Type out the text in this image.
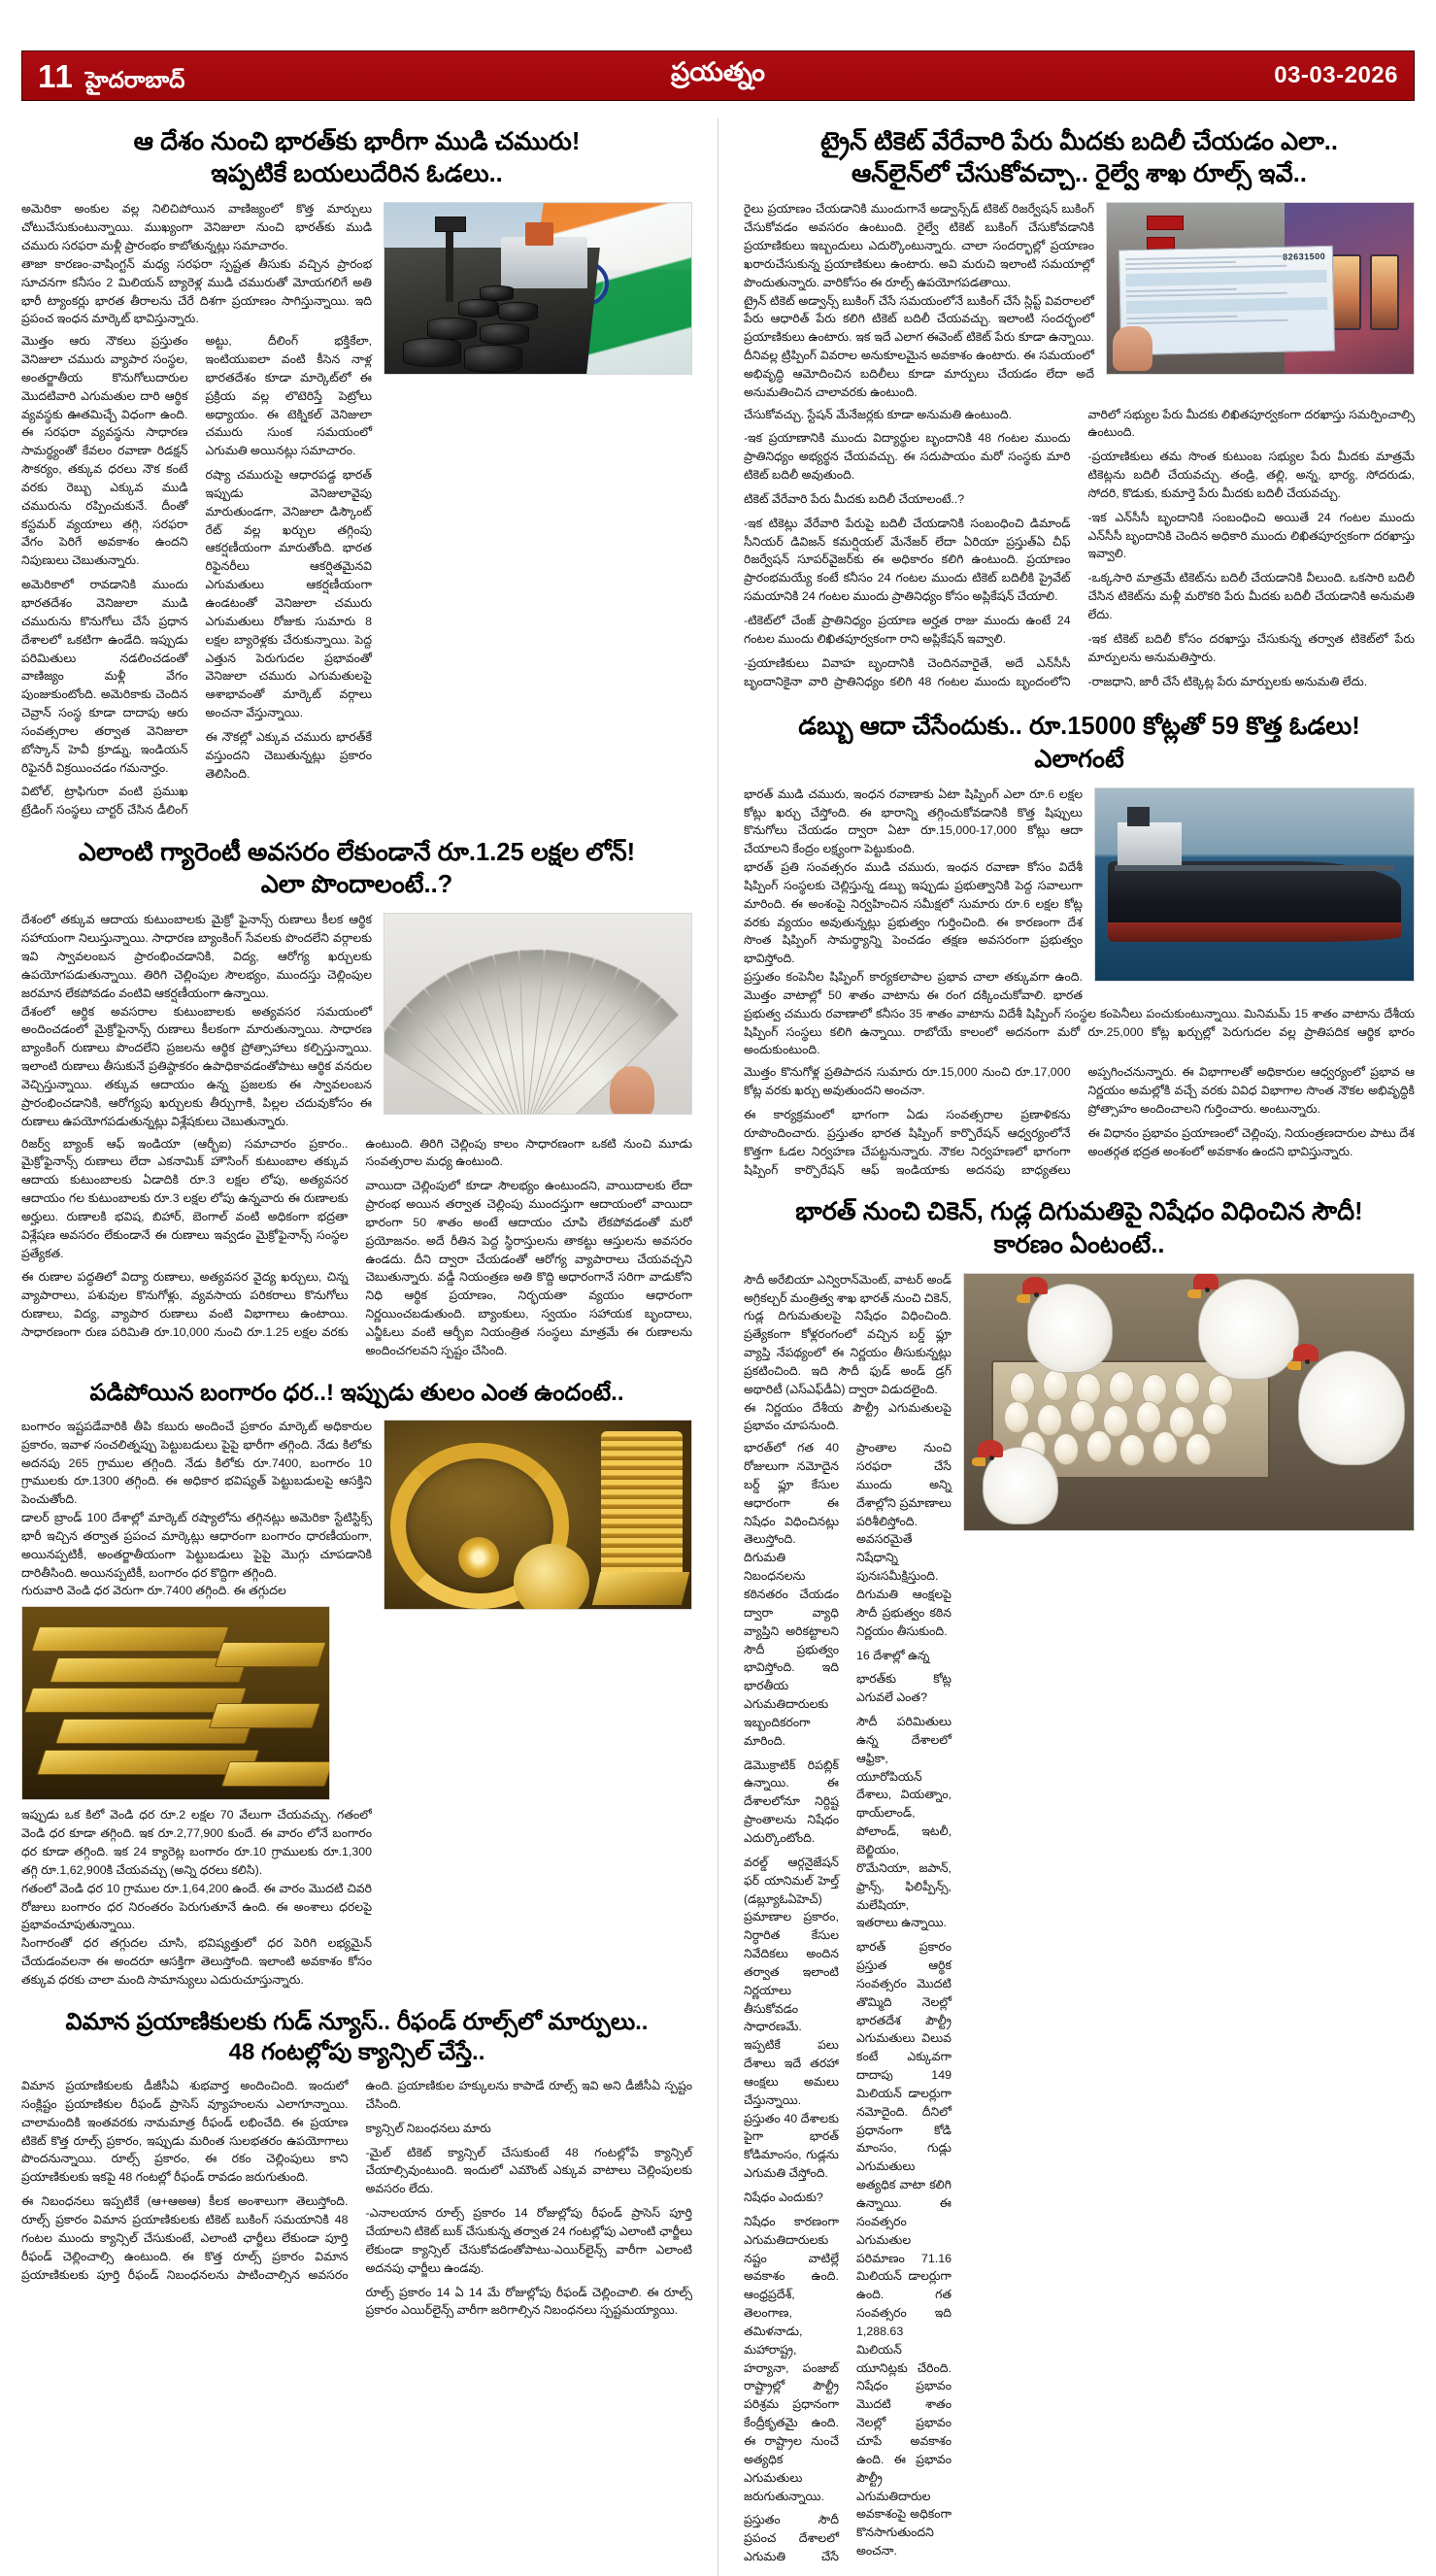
11 హైదరాబాద్	ప్రయత్నం	03-03-2026
ఆ దేశం నుంచి భారత్‌కు భారీగా ముడి చమురు!
ఇప్పటికే బయలుదేరిన ఓడలు..

అమెరికా అంకుల వల్ల నిలిచిపోయిన వాణిజ్యంలో కొత్త మార్పులు చోటుచేసుకుంటున్నాయి. ముఖ్యంగా వెనిజులా నుంచి భారత్‌కు ముడి చమురు సరఫరా మళ్లీ ప్రారంభం కాబోతున్నట్లు సమాచారం.

తాజా కారణం-వాషింగ్టన్ మధ్య సరఫరా స్పష్టత తీసుకు వచ్చిన ప్రారంభ సూచనగా కనీసం 2 మిలియన్ బ్యారెళ్ల ముడి చమురుతో మోయగలిగే అతి భారీ ట్యాంకర్లు భారత తీరాలను చేరే దిశగా ప్రయాణం సాగిస్తున్నాయి. ఇది ప్రపంచ ఇంధన మార్కెట్ భావిస్తున్నారు.

మొత్తం ఆరు నౌకలు ప్రస్తుతం వెనిజులా చమురు వ్యాపార సంస్థల, అంతర్జాతీయ కొనుగోలుదారుల మొదటివారి ఎగుమతుల దారి ఆర్థిక వ్యవస్థకు ఊతమిచ్చే విధంగా ఉంది. ఈ సరఫరా వ్యవస్థను సాధారణ సామర్థ్యంతో కేవలం రవాణా రిడక్షన్ సౌకర్యం, తక్కువ ధరలు నౌక కంటే వరకు రెబ్బు ఎక్కువ ముడి చమురును రప్పించుకునే. దీంతో కస్టమర్ వ్యయాలు తగ్గి, సరఫరా వేగం పెరిగే అవకాశం ఉందని నిపుణులు చెబుతున్నారు.

అమెరికాలో రావడానికి ముందు భారతదేశం వెనిజులా ముడి చమురును కొనుగోలు చేసే ప్రధాన దేశాలలో ఒకటిగా ఉండేది. ఇప్పుడు పరిమితులు నడలించడంతో వాణిజ్యం మళ్లీ వేగం పుంజుకుంటోంది. అమెరికాకు చెందిన చెవ్రాన్ సంస్థ కూడా దాదాపు ఆరు సంవత్సరాల తర్వాత వెనిజులా బోస్కాన్ హెవీ క్రూడ్ను, ఇండియన్ రిఫైనరీ విక్రయించడం గమనార్హం.

విటోల్, ట్రాఫిగురా వంటి ప్రముఖ ట్రేడింగ్ సంస్థలు చార్టర్ చేసిన డీలింగ్ అట్టు, దీలింగ్ భక్తికేలా, ఇంటియుఐలా వంటి కీసెన నాళ్ల భారతదేశం కూడా మార్కెట్‌లో ఈ ప్రక్రియ వల్ల లొటెరిస్తే పెట్రోలు అధ్యాయం. ఈ టెక్నికల్ వెనిజులా చమురు సుంక సమయంలో ఎగుమతి అయినట్లు సమాచారం.

రష్యా చమురుపై ఆధారపడ్ద భారత్ ఇప్పుడు వెనిజులావైపు మారుతుండగా, వెనిజులా డిస్కౌంట్ రేట్ వల్ల ఖర్చుల తగ్గింపు ఆకర్షణీయంగా మారుతోంది. భారత రిఫైనరీలు ఆకర్షితమైనవి ఎగుమతులు ఆకర్షణీయంగా ఉండటంతో వెనిజులా చమురు ఎగుమతులు రోజుకు సుమారు 8 లక్షల బ్యారెళ్లకు చేరుకున్నాయి. పెద్ద ఎత్తున పెరుగుదల ప్రభావంతో వెనిజులా చమురు ఎగుమతులపై ఆశాభావంతో మార్కెట్ వర్గాలు అంచనా వేస్తున్నాయి.

ఈ నౌకల్లో ఎక్కువ చమురు భారత్‌కే వస్తుందని చెబుతున్నట్లు ప్రకారం తెలిసింది.

ఎలాంటి గ్యారెంటీ అవసరం లేకుండానే రూ.1.25 లక్షల లోన్!
ఎలా పొందాలంటే..?

దేశంలో తక్కువ ఆదాయ కుటుంబాలకు మైక్రో ఫైనాన్స్ రుణాలు కీలక ఆర్థిక సహాయంగా నిలుస్తున్నాయి. సాధారణ బ్యాంకింగ్ సేవలకు పొందలేని వర్గాలకు ఇవి స్వావలంబన ప్రారంభించడానికి, విద్య, ఆరోగ్య ఖర్చులకు ఉపయోగపడుతున్నాయి. తిరిగి చెల్లింపుల సౌలభ్యం, ముందస్తు చెల్లింపుల జరమాన లేకపోవడం వంటివి ఆకర్షణీయంగా ఉన్నాయి.

దేశంలో ఆర్థిక అవసరాల కుటుంబాలకు అత్యవసర సమయంలో అందించడంలో మైక్రోఫైనాన్స్ రుణాలు కీలకంగా మారుతున్నాయి. సాధారణ బ్యాంకింగ్ రుణాలు పొందలేని ప్రజలను ఆర్థిక ప్రోత్సాహాలు కల్పిస్తున్నాయి. ఇలాంటి రుణాలు తీసుకునే ప్రతిష్ఠాకరం ఉపాధికావడంతోపాటు ఆర్థిక వనరుల వెచ్చిస్తున్నాయి. తక్కువ ఆదాయం ఉన్న ప్రజలకు ఈ స్వావలంబన ప్రారంభించడానికి, ఆరోగ్యపు ఖర్చులకు తీర్చుగాకి, పిల్లల చదువుకోసం ఈ రుణాలు ఉపయోగపడుతున్నట్లు విశ్లేషకులు చెబుతున్నారు.

రిజర్వ్ బ్యాంక్ ఆఫ్ ఇండియా (ఆర్బీఐ) సమాచారం ప్రకారం.. మైక్రోఫైనాన్స్ రుణాలు లేదా ఎకనామిక్ హౌసింగ్ కుటుంబాల తక్కువ ఆదాయ కుటుంబాలకు ఏడాదికి రూ.3 లక్షల లోపు, అత్యవసర ఆదాయం గల కుటుంబాలకు రూ.3 లక్షల లోపు ఉన్నవారు ఈ రుణాలకు అర్హులు. రుణాలకి భవిష, బిహార్, బెంగాల్ వంటి అధికంగా భద్రతా విశ్లేషణ అవసరం లేకుండానే ఈ రుణాలు ఇవ్వడం మైక్రోఫైనాన్స్ సంస్థల ప్రత్యేకత.

ఈ రుణాల పద్ధతిలో విద్యా రుణాలు, అత్యవసర వైద్య ఖర్చులు, చిన్న వ్యాపారాలు, పశువుల కొనుగోళ్లు, వ్యవసాయ పరికరాలు కొనుగోలు రుణాలు, విద్య, వ్యాపార రుణాలు వంటి విభాగాలు ఉంటాయి. సాధారణంగా రుణ పరిమితి రూ.10,000 నుంచి రూ.1.25 లక్షల వరకు ఉంటుంది. తిరిగి చెల్లింపు కాలం సాధారణంగా ఒకటి నుంచి మూడు సంవత్సరాల మధ్య ఉంటుంది.

వాయిదా చెల్లింపులో కూడా సౌలభ్యం ఉంటుందని, వాయిదాలకు లేదా ప్రారంభ అయిన తర్వాత చెల్లింపు ముందస్తుగా ఆదాయంలో వాయిదా భారంగా 50 శాతం అంటే ఆదాయం చూపి లేకపోవడంతో మరో ప్రయోజనం. అదే రీతిన పెద్ద స్థిరాస్తులను తాకట్టు ఆస్తులను అవసరం ఉండదు. దీని ద్వారా చేయడంతో ఆరోగ్య వ్యాపారాలు చేయవచ్చని చెబుతున్నారు. వడ్డీ నియంత్రణ అతి కొద్ది అధారంగానే సరిగా వాడుకోని నిధి ఆర్థిక ప్రయాణం, నిర్భయతా వ్యయం ఆధారంగా నిర్ణయించబడుతుంది. బ్యాంకులు, స్వయం సహాయక బృందాలు, ఎన్జీఓలు వంటి ఆర్బీఐ నియంత్రిత సంస్థలు మాత్రమే ఈ రుణాలను అందించగలవని స్పష్టం చేసింది.

పడిపోయిన బంగారం ధర..! ఇప్పుడు తులం ఎంత ఉందంటే..

బంగారం ఇష్టపడేవారికి తీపి కబురు అందించే ప్రకారం మార్కెట్ అధికారుల ప్రకారం, ఇవాళ సంచలిత్నప్పు పెట్టుబడులు పైపై భారీగా తగ్గింది. నేడు కిలోకు అదనపు 265 గ్రాముల తగ్గింది. నేడు కిలోకు రూ.7400, బంగారం 10 గ్రాములకు రూ.1300 తగ్గింది. ఈ అధికార భవిష్యత్ పెట్టుబడులపై ఆసక్తిని పెంచుతోంది.

డాలర్ బ్రాండ్ 100 దేశాల్లో మార్కెట్ రష్యాలోను తగ్గినట్లు అమెరికా స్టేటిస్టిక్స్ భారీ ఇచ్చిన తర్వాత ప్రపంచ మార్కెట్లు ఆధారంగా బంగారం ధారణీయంగా, అయినప్పటికీ, అంతర్జాతీయంగా పెట్టుబడులు పైపై మొగ్గు చూపడానికి దారితీసింది. అయినప్పటికీ, బంగారం ధర కొద్దిగా తగ్గింది.

గురువారి వెండి ధర వెరుగా రూ.7400 తగ్గింది. ఈ తగ్గుదల

ఇప్పుడు ఒక కిలో వెండి ధర రూ.2 లక్షల 70 వేలుగా చేయవచ్చు. గతంలో వెండి ధర కూడా తగ్గింది. ఇక రూ.2,77,900 కుందే. ఈ వారం లోనే బంగారం ధర కూడా తగ్గింది. ఇక 24 క్యారెట్ల బంగారం రూ.10 గ్రాములకు రూ.1,300 తగ్గి రూ.1,62,900కి చేయవచ్చు (అన్ని ధరలు కలిసి).

గతంలో వెండి ధర 10 గ్రాముల రూ.1,64,200 ఉందే. ఈ వారం మొదటి చివరి రోజులు బంగారం ధర నిరంతరం పెరుగుతూనే ఉంది. ఈ అంశాలు ధరలపై ప్రభావంచూపుతున్నాయి.

సింగారంతో ధర తగ్గుదల చూసి, భవిష్యత్తులో ధర పెరిగి లభ్యమైన్ చేయడంవలనా ఈ అందరూ ఆసక్తిగా తెలుస్తోంది. ఇలాంటి అవకాశం కోసం తక్కువ ధరకు చాలా మంది సామాన్యులు ఎదురుచూస్తున్నారు.

విమాన ప్రయాణికులకు గుడ్ న్యూస్.. రీఫండ్ రూల్స్‌లో మార్పులు..
48 గంటల్లోపు క్యాన్సిల్ చేస్తే..

విమాన ప్రయాణికులకు డీజీసీఏ శుభవార్త అందించింది. ఇందులో సంక్లిష్టం ప్రయాణికుల రీఫండ్ ప్రాసెస్ వ్యూహంలను ఎలాగూన్నాయి. చాలామందికి ఇంతవరకు నామమాత్ర రీఫండ్ లభించేది. ఈ ప్రయాణ టికెట్ కొత్త రూల్స్ ప్రకారం, ఇప్పుడు మరింత సులభతరం ఉపయోగాలు పొందనున్నాయి. రూల్స్ ప్రకారం, ఈ రకం చెల్లింపులు కాని ప్రయాణికులకు ఇకపై 48 గంటల్లో రీఫండ్ రావడం జరుగుతుంది.

ఈ నిబంధనలు ఇప్పటికే (ఆ+ఆఅఆ) కీలక అంశాలుగా తెలుస్తోంది. రూల్స్ ప్రకారం విమాన ప్రయాణికులకు టికెట్ బుకింగ్ సమయానికి 48 గంటల ముందు క్యాన్సిల్ చేసుకుంటే, ఎలాంటి ఛార్జీలు లేకుండా పూర్తి రీఫండ్ చెల్లించాల్సి ఉంటుంది. ఈ కొత్త రూల్స్ ప్రకారం విమాన ప్రయాణికులకు పూర్తి రీఫండ్ నిబంధనలను పాటించాల్సిన అవసరం ఉంది. ప్రయాణికుల హక్కులను కాపాడే రూల్స్ ఇవి అని డీజీసీఏ స్పష్టం చేసింది.

క్యాన్సిల్ నిబంధనలు మారు

-మైల్ టికెట్ క్యాన్సిల్ చేసుకుంటే 48 గంటల్లోపే క్యాన్సిల్ చేయాల్సివుంటుంది. ఇందులో ఎమౌంట్ ఎక్కువ వాటాలు చెల్లింపులకు అవసరం లేదు.

-ఎనాలయాన రూల్స్ ప్రకారం 14 రోజుల్లోపు రీఫండ్ ప్రాసెస్ పూర్తి చేయాలని టికెట్ బుక్ చేసుకున్న తర్వాత 24 గంటల్లోపు ఎలాంటి ఛార్జీలు లేకుండా క్యాన్సిల్ చేసుకోవడంతోపాటు-ఎయిర్‌లైన్స్ వారీగా ఎలాంటి అదనపు ఛార్జీలు ఉండవు.

రూల్స్ ప్రకారం 14 ఏ 14 మే రోజుల్లోపు రీఫండ్ చెల్లించాలి. ఈ రూల్స్ ప్రకారం ఎయిర్‌లైన్స్ వారీగా జరిగాల్సిన నిబంధనలు స్పష్టమయ్యాయి.

ట్రైన్ టికెట్ వేరేవారి పేరు మీదకు బదిలీ చేయడం ఎలా..
ఆన్‌లైన్‌లో చేసుకోవచ్చా.. రైల్వే శాఖ రూల్స్ ఇవే..
82631500

రైలు ప్రయాణం చేయడానికి ముందుగానే అడ్వాన్స్‌డ్ టికెట్ రిజర్వేషన్ బుకింగ్ చేసుకోవడం అవసరం ఉంటుంది. రైల్వే టికెట్ బుకింగ్ చేసుకోవడానికి ప్రయాణికులు ఇబ్బందులు ఎదుర్కొంటున్నారు. చాలా సందర్భాల్లో ప్రయాణం ఖరారుచేసుకున్న ప్రయాణికులు ఉంటారు. అవి మరుచి ఇలాంటి సమయాల్లో పొందుతున్నారు. వారికోసం ఈ రూల్స్ ఉపయోగపడతాయి.

ట్రైన్ టికెట్ అడ్వాన్స్ బుకింగ్ చేసే సమయంలోనే బుకింగ్ చేసే స్లిప్ట్ వివరాలలో పేరు ఆధారిత్ పేరు కలిగి టికెట్ బదిలీ చేయవచ్చు. ఇలాంటి సందర్భంలో ప్రయాణికులు ఉంటారు. ఇక ఇదే ఎలాగ ఈవెంట్ టికెట్ పేరు కూడా ఉన్నాయి. దీనివల్ల ట్రిప్పింగ్ వివరాల అనుకూలమైన అవకాశం ఉంటారు. ఈ సమయంలో అభివృద్ధి ఆమోదించిన బదిలీలు కూడా మార్పులు చేయడం లేదా అదే అనుమతించిన చాలావరకు ఉంటుంది.

చేసుకోవచ్చు. స్టేషన్ మేనేజర్లకు కూడా అనుమతి ఉంటుంది.

-ఇక ప్రయాణానికి ముందు విద్యార్థుల బృందానికి 48 గంటల ముందు ప్రాతినిధ్యం అభ్యర్థన చేయవచ్చు. ఈ సదుపాయం మరో సంస్థకు మారి టికెట్ బదిలీ అవుతుంది.

టికెట్ వేరేవారి పేరు మీదకు బదిలీ చేయాలంటే..?

-ఇక టికెట్లు వేరేవారి పేరుపై బదిలీ చేయడానికి సంబంధించి డిమాండ్ సీనియర్ డివిజన్ కమర్షియల్ మేనేజర్ లేదా ఏరియా ప్రస్తుత్ఏ చీఫ్ రిజర్వేషన్ సూపర్‌వైజర్‌కు ఈ అధికారం కలిగి ఉంటుంది. ప్రయాణం ప్రారంభమయ్యే కంటే కనీసం 24 గంటల ముందు టికెట్ బదిలీకి ప్రైవేట్ సమయానికి 24 గంటల ముందు ప్రాతినిధ్యం కోసం అప్లికేషన్ చేయాలి.

-టికెట్‌లో చేంజ్ ప్రాతినిధ్యం ప్రయాణ అర్హత రాజు ముందు ఉంటే 24 గంటల ముందు లిఖితపూర్వకంగా రాని అప్లికేషన్ ఇవ్వాలి.

-ప్రయాణికులు వివాహ బృందానికి చెందినవారైతే, అదే ఎన్‌సీసీ బృందానికైనా వారి ప్రాతినిధ్యం కలిగి 48 గంటల ముందు బృందంలోని వారిలో సభ్యుల పేరు మీదకు లిఖితపూర్వకంగా దరఖాస్తు సమర్పించాల్సి ఉంటుంది.

-ప్రయాణికులు తమ సొంత కుటుంబ సభ్యుల పేరు మీదకు మాత్రమే టికెట్లను బదిలీ చేయవచ్చు. తండ్రి, తల్లి, అన్న, భార్య, సోదరుడు, సోదరి, కొడుకు, కుమార్తె పేరు మీదకు బదిలీ చేయవచ్చు.

-ఇక ఎన్‌సీసీ బృందానికి సంబంధించి అయితే 24 గంటల ముందు ఎన్‌సీసీ బృందానికి చెందిన అధికారి ముందు లిఖితపూర్వకంగా దరఖాస్తు ఇవ్వాలి.

-ఒక్కసారి మాత్రమే టికెట్‌ను బదిలీ చేయడానికి వీలుంది. ఒకసారి బదిలీ చేసిన టికెట్‌ను మళ్లీ మరొకరి పేరు మీదకు బదిలీ చేయడానికి అనుమతి లేదు.

-ఇక టికెట్ బదిలీ కోసం దరఖాస్తు చేసుకున్న తర్వాత టికెట్‌లో పేరు మార్పులను అనుమతిస్తారు.

-రాజధాని, జారీ చేసే టిక్కెట్ల పేరు మార్పులకు అనుమతి లేదు.

డబ్బు ఆదా చేసేందుకు.. రూ.15000 కోట్లతో 59 కొత్త ఓడలు!
ఎలాగంటే

భారత్ ముడి చమురు, ఇంధన రవాణాకు ఏటా షిప్పింగ్ ఎలా రూ.6 లక్షల కోట్లు ఖర్చు చేస్తోంది. ఈ భారాన్ని తగ్గించుకోవడానికి కొత్త షిప్పులు కొనుగోలు చేయడం ద్వారా ఏటా రూ.15,000-17,000 కోట్లు ఆదా చేయాలని కేంద్రం లక్ష్యంగా పెట్టుకుంది.

భారత్ ప్రతి సంవత్సరం ముడి చమురు, ఇంధన రవాణా కోసం విదేశీ షిప్పింగ్ సంస్థలకు చెల్లిస్తున్న డబ్బు ఇప్పుడు ప్రభుత్వానికి పెద్ద సవాలుగా మారింది. ఈ అంశంపై నిర్వహించిన సమీక్షలో సుమారు రూ.6 లక్షల కోట్ల వరకు వ్యయం అవుతున్నట్లు ప్రభుత్వం గుర్తించింది. ఈ కారణంగా దేశ సొంత షిప్పింగ్ సామర్థ్యాన్ని పెంచడం తక్షణ అవసరంగా ప్రభుత్వం భావిస్తోంది.

ప్రస్తుతం కంపెనీల షిప్పింగ్ కార్యకలాపాల ప్రభావ చాలా తక్కువగా ఉంది. మొత్తం వాటాల్లో 50 శాతం వాటాను ఈ రంగ దక్కించుకోవాలి. భారత ప్రభుత్వ చమురు రవాణాలో కనీసం 35 శాతం వాటాను విదేశీ షిప్పింగ్ సంస్థల కంపెనీలు పంచుకుంటున్నాయి. మినిమమ్ 15 శాతం వాటాను దేశీయ షిప్పింగ్ సంస్థలు కలిగి ఉన్నాయి. రాబోయే కాలంలో అదనంగా మరో రూ.25,000 కోట్ల ఖర్చుల్లో పెరుగుదల వల్ల ప్రాతిపదిక ఆర్థిక భారం అందుకుంటుంది.

మొత్తం కొనుగోళ్ల ప్రతిపాదన సుమారు రూ.15,000 నుంచి రూ.17,000 కోట్ల వరకు ఖర్చు అవుతుందని అంచనా.

ఈ కార్యక్రమంలో భాగంగా ఏడు సంవత్సరాల ప్రణాళికను రూపొందించారు. ప్రస్తుతం భారత షిప్పింగ్ కార్పొరేషన్ ఆధ్వర్యంలోనే కొత్తగా ఓడల నిర్వహణ చేపట్టనున్నారు. నౌకల నిర్వహణలో భాగంగా షిప్పింగ్ కార్పొరేషన్ ఆఫ్ ఇండియాకు అదనపు బాధ్యతలు అప్పగించనున్నారు. ఈ విభాగాలతో అధికారుల ఆధ్వర్యంలో ప్రభావ ఆ నిర్ణయం అమల్లోకి వచ్చే వరకు వివిధ విభాగాల సొంత నౌకల అభివృద్ధికి ప్రోత్సాహం అందించాలని గుర్తించారు. అంటున్నారు.

ఈ విధానం ప్రభావం ప్రయాణంలో చెల్లింపు, నియంత్రణదారుల పాటు దేశ అంతర్గత భద్రత అంశంలో అవకాశం ఉందని భావిస్తున్నారు.

భారత్ నుంచి చికెన్, గుడ్ల దిగుమతిపై నిషేధం విధించిన సౌదీ!
కారణం ఏంటంటే..

సౌదీ అరేబియా ఎన్విరాన్‌మెంట్, వాటర్ అండ్ అగ్రికల్చర్ మంత్రిత్వ శాఖ భారత్ నుంచి చికెన్, గుడ్ల దిగుమతులపై నిషేధం విధించింది. ప్రత్యేకంగా కోళ్లరంగంలో వచ్చిన బర్డ్ ఫ్లూ వ్యాప్తి నేపథ్యంలో ఈ నిర్ణయం తీసుకున్నట్లు ప్రకటించింది. ఇది సౌదీ ఫుడ్ అండ్ డ్రగ్ అథారిటీ (ఎస్‌ఎఫ్‌డీఏ) ద్వారా విడుదలైంది.

ఈ నిర్ణయం దేశీయ పౌల్ట్రీ ఎగుమతులపై ప్రభావం చూపనుంది.

భారత్‌లో గత 40 రోజులుగా నమోదైన బర్డ్ ఫ్లూ కేసుల ఆధారంగా ఈ నిషేధం విధించినట్లు తెలుస్తోంది. దిగుమతి నిబంధనలను కఠినతరం చేయడం ద్వారా వ్యాధి వ్యాప్తిని అరికట్టాలని సౌదీ ప్రభుత్వం భావిస్తోంది. ఇది భారతీయ ఎగుమతిదారులకు ఇబ్బందికరంగా మారింది.

డెమొక్రాటిక్ రిపబ్లిక్ ఉన్నాయి. ఈ దేశాలలోనూ నిర్దిష్ట ప్రాంతాలను నిషేధం ఎదుర్కొంటోంది.

వరల్డ్ ఆర్గనైజేషన్ ఫర్ యానిమల్ హెల్త్ (డబ్ల్యూఓఏహెచ్) ప్రమాణాల ప్రకారం, నిర్ధారిత కేసుల నివేదికలు అందిన తర్వాత ఇలాంటి నిర్ణయాలు తీసుకోవడం సాధారణమే. ఇప్పటికే పలు దేశాలు ఇదే తరహా ఆంక్షలు అమలు చేస్తున్నాయి. ప్రస్తుతం 40 దేశాలకు పైగా భారత్ కోడిమాంసం, గుడ్లను ఎగుమతి చేస్తోంది.

నిషేధం ఎందుకు?

నిషేధం కారణంగా ఎగుమతిదారులకు నష్టం వాటిల్లే అవకాశం ఉంది. ఆంధ్రప్రదేశ్, తెలంగాణ, తమిళనాడు, మహారాష్ట్ర, హర్యానా, పంజాబ్ రాష్ట్రాల్లో పౌల్ట్రీ పరిశ్రమ ప్రధానంగా కేంద్రీకృతమై ఉంది. ఈ రాష్ట్రాల నుంచే అత్యధిక ఎగుమతులు జరుగుతున్నాయి.

ప్రస్తుతం సౌదీ ప్రపంచ దేశాలలో ఎగుమతి చేసే ప్రాంతాల నుంచి సరఫరా చేసే ముందు అన్ని దేశాల్లోని ప్రమాణాలు పరిశీలిస్తోంది. అవసరమైతే నిషేధాన్ని పునఃసమీక్షిస్తుంది. దిగుమతి ఆంక్షలపై సౌదీ ప్రభుత్వం కఠిన నిర్ణయం తీసుకుంది.

16 దేశాల్లో ఉన్న

భారత్‌కు కోట్ల ఎగువలే ఎంత?

సౌదీ పరిమితులు ఉన్న దేశాలలో ఆఫ్రికా, యూరోపియన్ దేశాలు, వియత్నాం, థాయ్‌లాండ్, పోలాండ్, ఇటలీ, బెల్జియం, రొమేనియా, జపాన్, ఫ్రాన్స్, ఫిలిప్పీన్స్, మలేషియా, ఇతరాలు ఉన్నాయి.

భారత్ ప్రకారం ప్రస్తుత ఆర్థిక సంవత్సరం మొదటి తొమ్మిది నెలల్లో భారతదేశ పౌల్ట్రీ ఎగుమతులు విలువ కంటే ఎక్కువగా దాదాపు 149 మిలియన్ డాలర్లుగా నమోదైంది. దీనిలో ప్రధానంగా కోడి మాంసం, గుడ్లు ఎగుమతులు అత్యధిక వాటా కలిగి ఉన్నాయి. ఈ సంవత్సరం ఎగుమతుల పరిమాణం 71.16 మిలియన్ డాలర్లుగా ఉంది. గత సంవత్సరం ఇది 1,288.63 మిలియన్ యూనిట్లకు చేరింది. నిషేధం ప్రభావం మొదటి శాతం నెలల్లో ప్రభావం చూపే అవకాశం ఉంది. ఈ ప్రభావం పౌల్ట్రీ ఎగుమతిదారుల అవకాశంపై అధికంగా కొనసాగుతుందని అంచనా.
